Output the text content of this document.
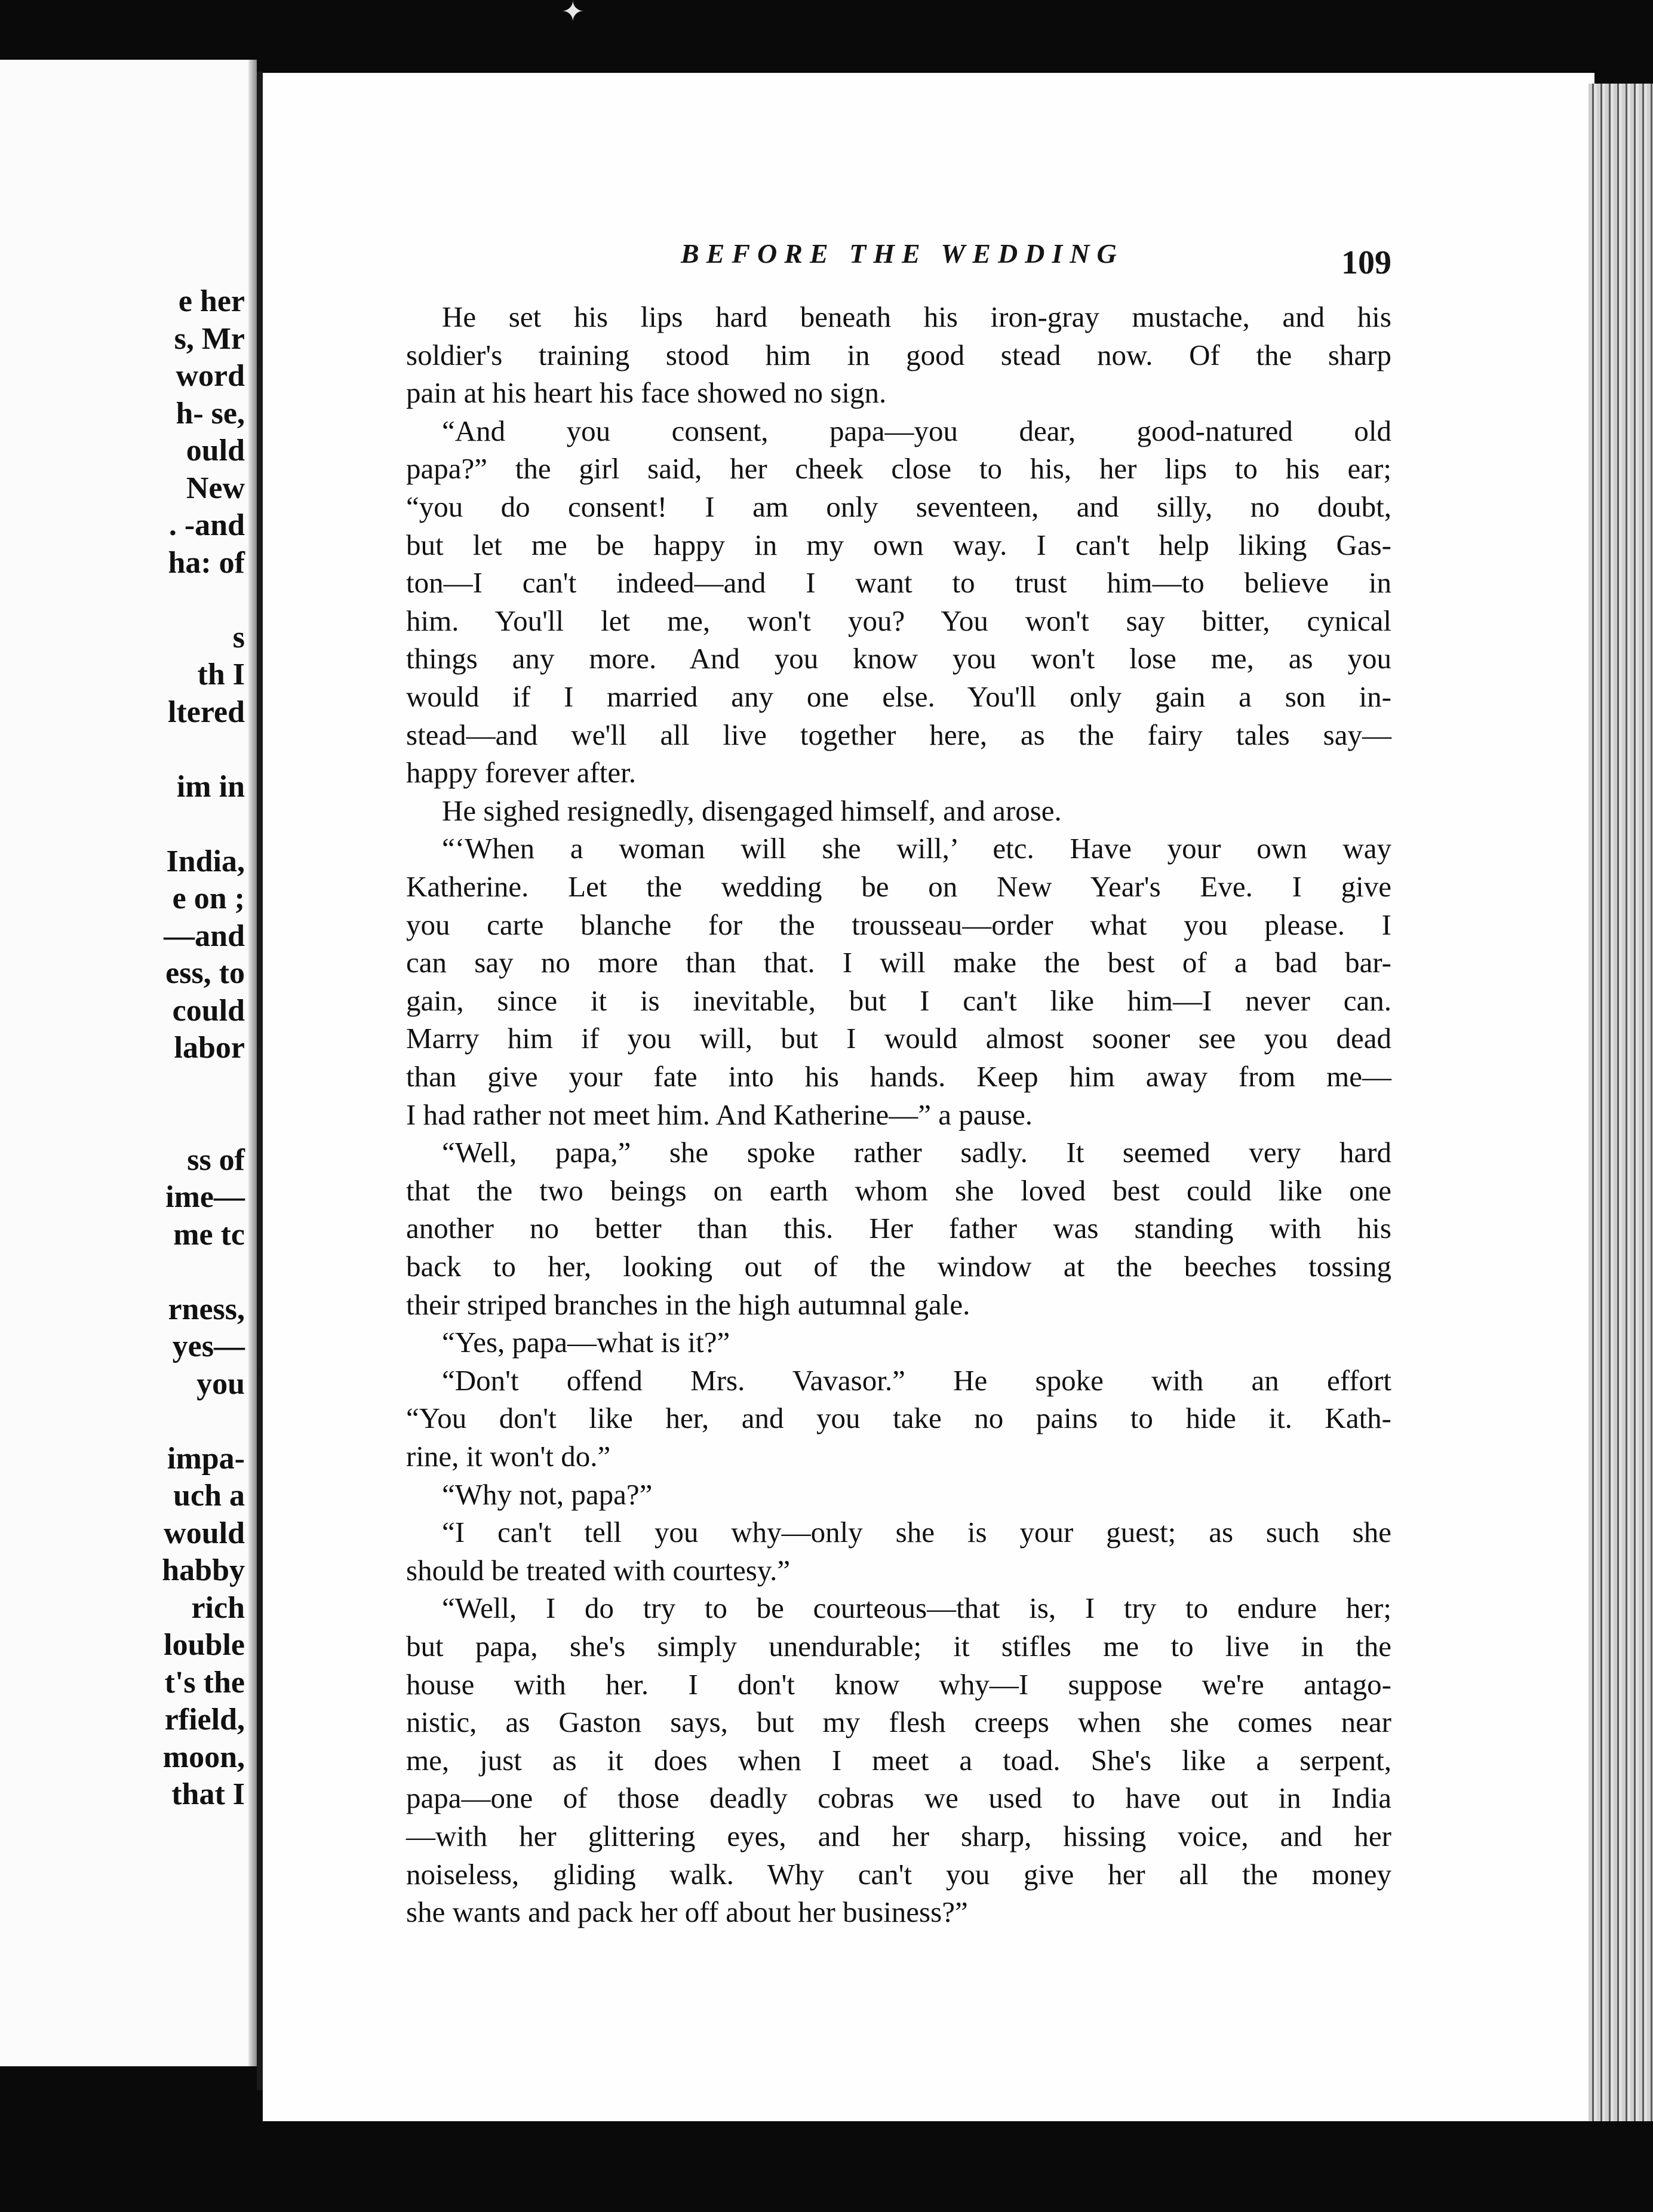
✦
e her
s, Mr
word
h- se,
ould
New
. -and
ha: of
s
th I
ltered
im in
India,
e on ;
—and
ess, to
could
labor
ss of
ime—
me tc
rness,
yes—
you
impa-
uch a
would
habby
rich
louble
t's the
rfield,
moon,
that I
BEFORE THE WEDDING	109
He set his lips hard beneath his iron-gray mustache, and his
soldier's training stood him in good stead now. Of the sharp
pain at his heart his face showed no sign.
“And you consent, papa—you dear, good-natured old
papa?” the girl said, her cheek close to his, her lips to his ear;
“you do consent! I am only seventeen, and silly, no doubt,
but let me be happy in my own way. I can't help liking Gas-
ton—I can't indeed—and I want to trust him—to believe in
him. You'll let me, won't you? You won't say bitter, cynical
things any more. And you know you won't lose me, as you
would if I married any one else. You'll only gain a son in-
stead—and we'll all live together here, as the fairy tales say—
happy forever after.
He sighed resignedly, disengaged himself, and arose.
“‘When a woman will she will,’ etc. Have your own way
Katherine. Let the wedding be on New Year's Eve. I give
you carte blanche for the trousseau—order what you please. I
can say no more than that. I will make the best of a bad bar-
gain, since it is inevitable, but I can't like him—I never can.
Marry him if you will, but I would almost sooner see you dead
than give your fate into his hands. Keep him away from me—
I had rather not meet him. And Katherine—” a pause.
“Well, papa,” she spoke rather sadly. It seemed very hard
that the two beings on earth whom she loved best could like one
another no better than this. Her father was standing with his
back to her, looking out of the window at the beeches tossing
their striped branches in the high autumnal gale.
“Yes, papa—what is it?”
“Don't offend Mrs. Vavasor.” He spoke with an effort
“You don't like her, and you take no pains to hide it. Kath-
rine, it won't do.”
“Why not, papa?”
“I can't tell you why—only she is your guest; as such she
should be treated with courtesy.”
“Well, I do try to be courteous—that is, I try to endure her;
but papa, she's simply unendurable; it stifles me to live in the
house with her. I don't know why—I suppose we're antago-
nistic, as Gaston says, but my flesh creeps when she comes near
me, just as it does when I meet a toad. She's like a serpent,
papa—one of those deadly cobras we used to have out in India
—with her glittering eyes, and her sharp, hissing voice, and her
noiseless, gliding walk. Why can't you give her all the money
she wants and pack her off about her business?”
